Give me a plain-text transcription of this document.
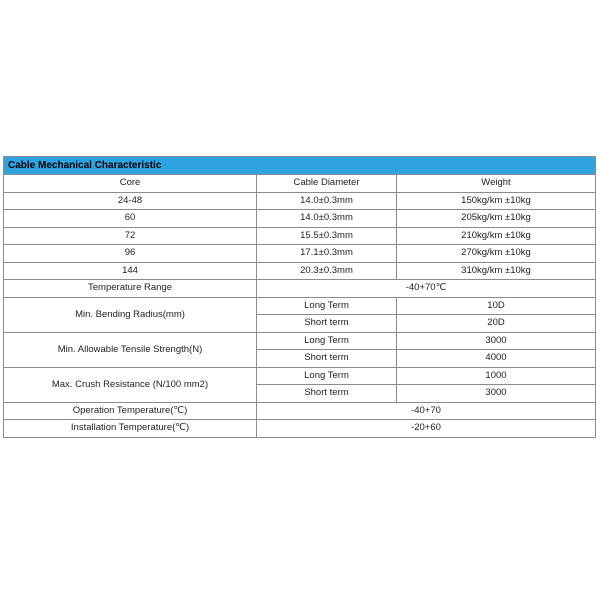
Cable Mechanical Characteristic		
Core	Cable Diameter	Weight
24-48	14.0±0.3mm	150kg/km ±10kg
60	14.0±0.3mm	205kg/km ±10kg
72	15.5±0.3mm	210kg/km ±10kg
96	17.1±0.3mm	270kg/km ±10kg
144	20.3±0.3mm	310kg/km ±10kg
Temperature Range	-40+70℃	
Min. Bending Radius(mm)	Long Term	10D
	Short term	20D
Min. Allowable Tensile Strength(N)	Long Term	3000
	Short term	4000
Max. Crush Resistance (N/100 mm2)	Long Term	1000
	Short term	3000
Operation Temperature(℃)	-40+70	
Installation Temperature(℃)	-20+60	
